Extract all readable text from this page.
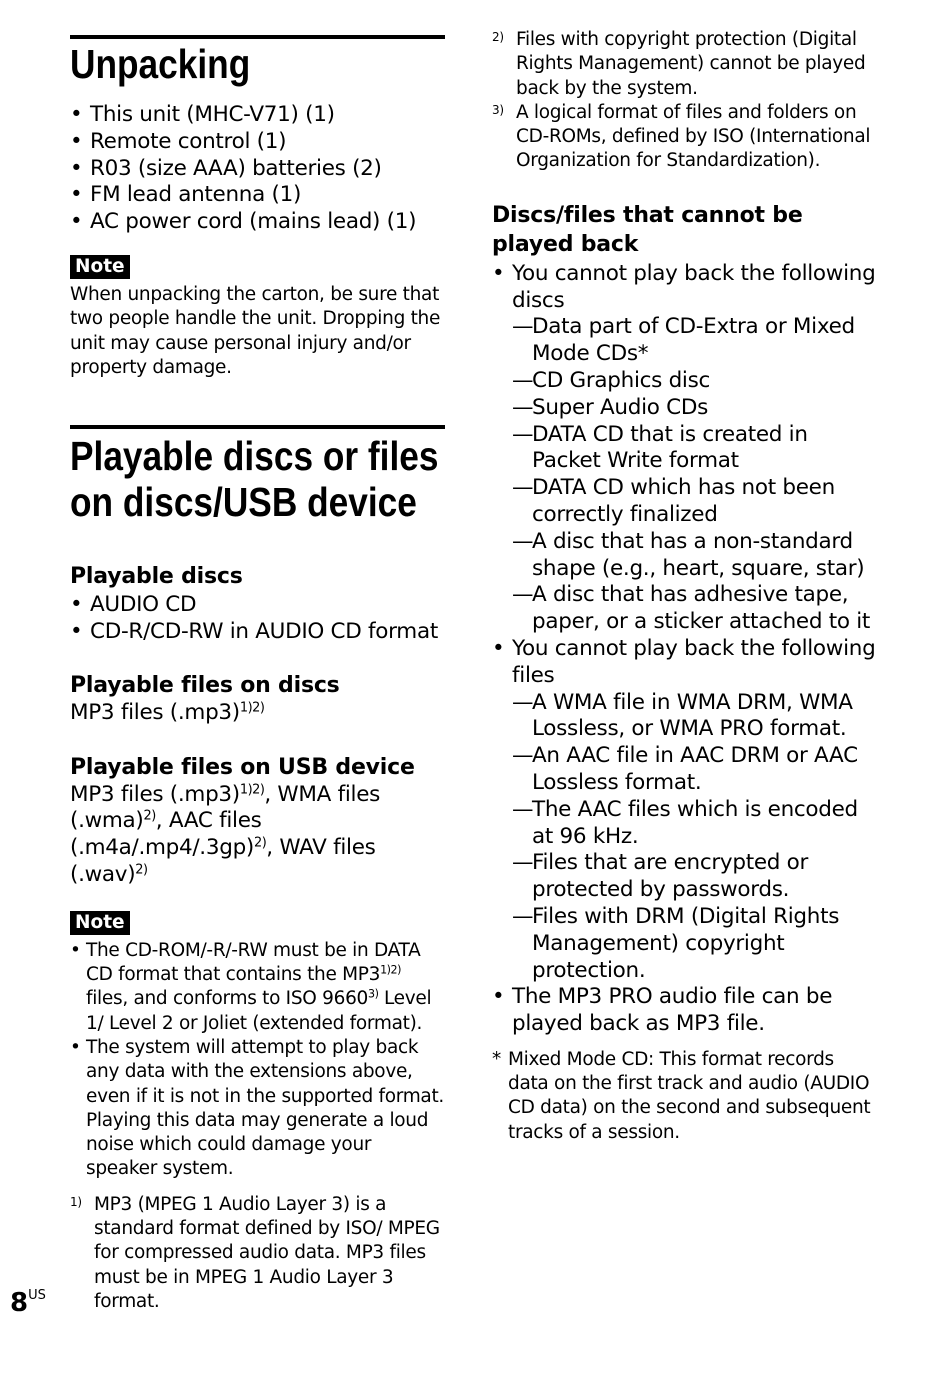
Unpacking
• This unit (MHC-V71) (1)
• Remote control (1)
• R03 (size AAA) batteries (2)
• FM lead antenna (1)
• AC power cord (mains lead) (1)
Note
When unpacking the carton, be sure that two people handle the unit. Dropping the unit may cause personal injury and/or property damage.
Playable discs or files
on discs/USB device
Playable discs
• AUDIO CD
• CD-R/CD-RW in AUDIO CD format
Playable files on discs
MP3 files $(.mp3)^{1)2)}$
Playable files on USB device
MP3 files $(.mp3)^{1)2)}$, WMA files $(.wma)^{2)}$, AAC files $(.m4a/.mp4/.3gp)^{2)}$, WAV files $(.wav)^{2)}$
Note
• The CD-ROM/-R/-RW must be in DATA CD format that contains the $MP3^{1)2)}$ files, and conforms to ISO 9660$^{3)}$ Level 1/ Level 2 or Joliet (extended format).
• The system will attempt to play back any data with the extensions above, even if it is not in the supported format. Playing this data may generate a loud noise which could damage your speaker system.
1) MP3 (MPEG 1 Audio Layer 3) is a standard format defined by ISO/ MPEG for compressed audio data. MP3 files must be in MPEG 1 Audio Layer 3 format.
$8^{US}$
2) Files with copyright protection (Digital Rights Management) cannot be played back by the system.
3) A logical format of files and folders on CD-ROMs, defined by ISO (International Organization for Standardization).
Discs/files that cannot be played back
• You cannot play back the following discs
— Data part of CD-Extra or Mixed Mode CDs*
— CD Graphics disc
— Super Audio CDs
— DATA CD that is created in Packet Write format
— DATA CD which has not been correctly finalized
— A disc that has a non-standard shape (e.g., heart, square, star)
— A disc that has adhesive tape, paper, or a sticker attached to it
• You cannot play back the following files
— A WMA file in WMA DRM, WMA Lossless, or WMA PRO format.
— An AAC file in AAC DRM or AAC Lossless format.
— The AAC files which is encoded at 96 kHz.
— Files that are encrypted or protected by passwords.
— Files with DRM (Digital Rights Management) copyright protection.
• The MP3 PRO audio file can be played back as MP3 file.
* Mixed Mode CD: This format records data on the first track and audio (AUDIO CD data) on the second and subsequent tracks of a session.
